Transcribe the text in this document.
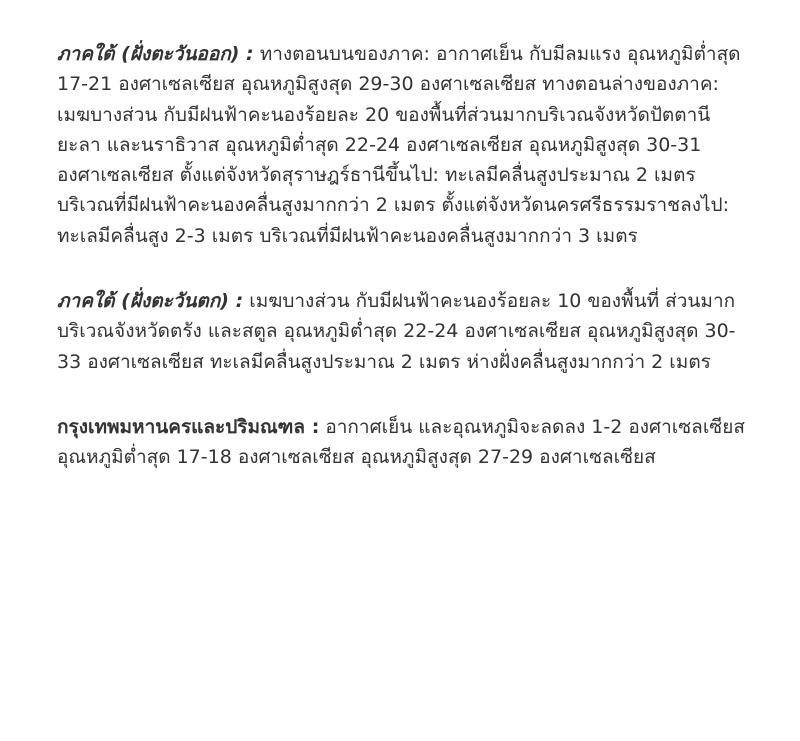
ภาคใต้ (ฝั่งตะวันออก) : ทางตอนบนของภาค: อากาศเย็น กับมีลมแรง อุณหภูมิต่ำสุด 17-21 องศาเซลเซียส อุณหภูมิสูงสุด 29-30 องศาเซลเซียส ทางตอนล่างของภาค: เมฆบางส่วน กับมีฝนฟ้าคะนองร้อยละ 20 ของพื้นที่ส่วนมากบริเวณจังหวัดปัตตานี ยะลา และนราธิวาส อุณหภูมิต่ำสุด 22-24 องศาเซลเซียส อุณหภูมิสูงสุด 30-31 องศาเซลเซียส ตั้งแต่จังหวัดสุราษฎร์ธานีขึ้นไป: ทะเลมีคลื่นสูงประมาณ 2 เมตร บริเวณที่มีฝนฟ้าคะนองคลื่นสูงมากกว่า 2 เมตร ตั้งแต่จังหวัดนครศรีธรรมราชลงไป: ทะเลมีคลื่นสูง 2-3 เมตร บริเวณที่มีฝนฟ้าคะนองคลื่นสูงมากกว่า 3 เมตร

ภาคใต้ (ฝั่งตะวันตก) : เมฆบางส่วน กับมีฝนฟ้าคะนองร้อยละ 10 ของพื้นที่ ส่วนมากบริเวณจังหวัดตรัง และสตูล อุณหภูมิต่ำสุด 22-24 องศาเซลเซียส อุณหภูมิสูงสุด 30-33 องศาเซลเซียส ทะเลมีคลื่นสูงประมาณ 2 เมตร ห่างฝั่งคลื่นสูงมากกว่า 2 เมตร

กรุงเทพมหานครและปริมณฑล : อากาศเย็น และอุณหภูมิจะลดลง 1-2 องศาเซลเซียส อุณหภูมิต่ำสุด 17-18 องศาเซลเซียส อุณหภูมิสูงสุด 27-29 องศาเซลเซียส
